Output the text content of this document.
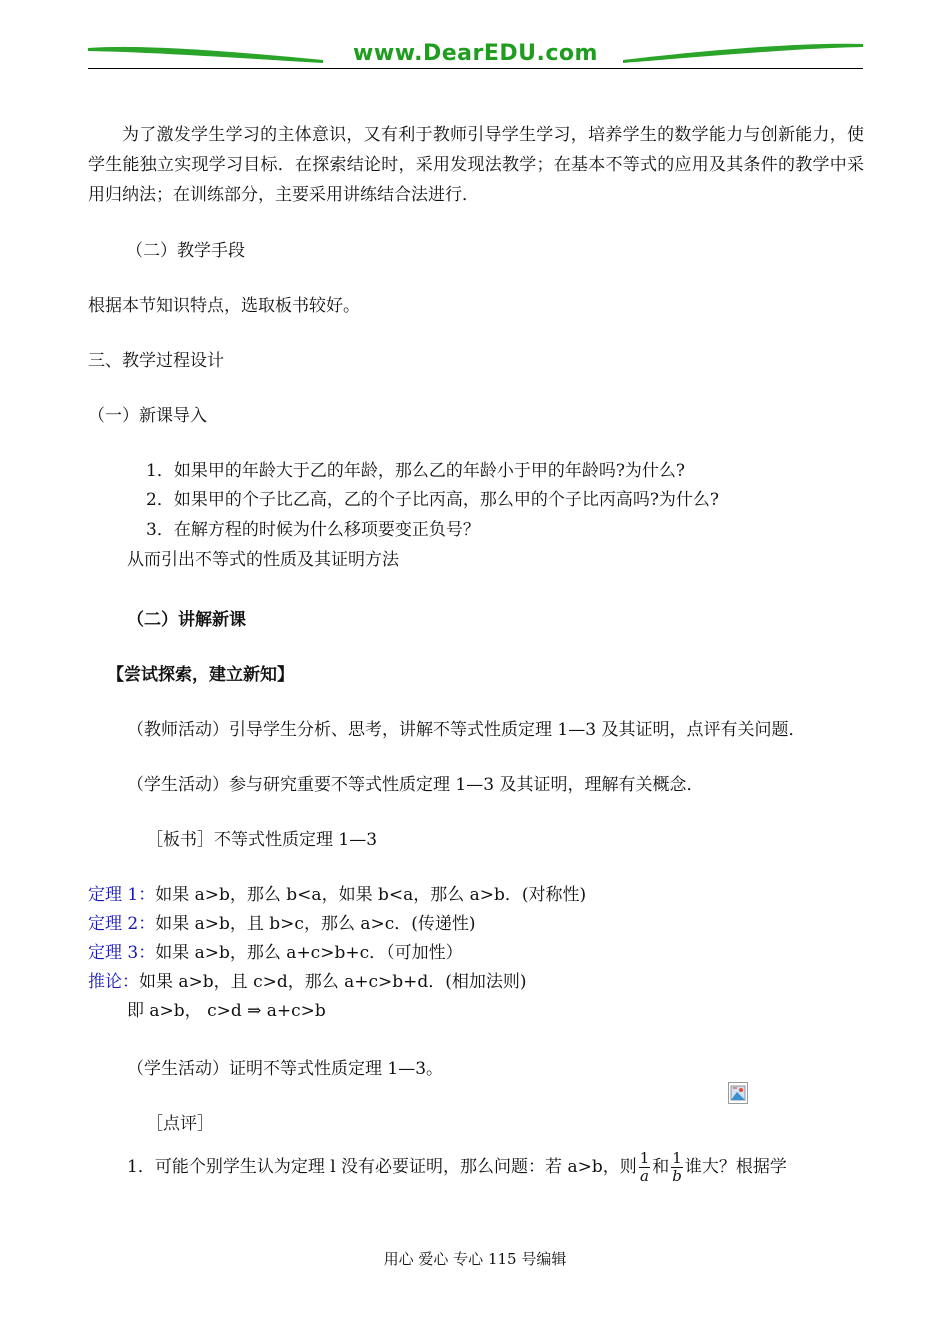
www.DearEDU.com
为了激发学生学习的主体意识，又有利于教师引导学生学习，培养学生的数学能力与创新能力，使学生能独立实现学习目标．在探索结论时，采用发现法教学；在基本不等式的应用及其条件的教学中采用归纳法；在训练部分，主要采用讲练结合法进行．
（二）教学手段
根据本节知识特点，选取板书较好。
三、教学过程设计
（一）新课导入
1．如果甲的年龄大于乙的年龄，那么乙的年龄小于甲的年龄吗?为什么?
2．如果甲的个子比乙高，乙的个子比丙高，那么甲的个子比丙高吗?为什么?
3．在解方程的时候为什么移项要变正负号？
从而引出不等式的性质及其证明方法
（二）讲解新课
【尝试探索，建立新知】
（教师活动）引导学生分析、思考，讲解不等式性质定理 1—3 及其证明，点评有关问题．
（学生活动）参与研究重要不等式性质定理 1—3 及其证明，理解有关概念．
［板书］不等式性质定理 1—3
定理 1：如果 a>b，那么 b<a，如果 b<a，那么 a>b．(对称性)
定理 2：如果 a>b，且 b>c，那么 a>c．(传递性)
定理 3：如果 a>b，那么 a+c>b+c．（可加性）
推论：如果 a>b，且 c>d，那么 a+c>b+d．(相加法则)
即 a>b， c>d ⇒ a+c>b
（学生活动）证明不等式性质定理 1—3。
［点评］
1．可能个别学生认为定理 l 没有必要证明，那么问题：若 a>b，则 $\frac{1}{a}$ 和 $\frac{1}{b}$ 谁大？根据学
用心 爱心 专心 115 号编辑
